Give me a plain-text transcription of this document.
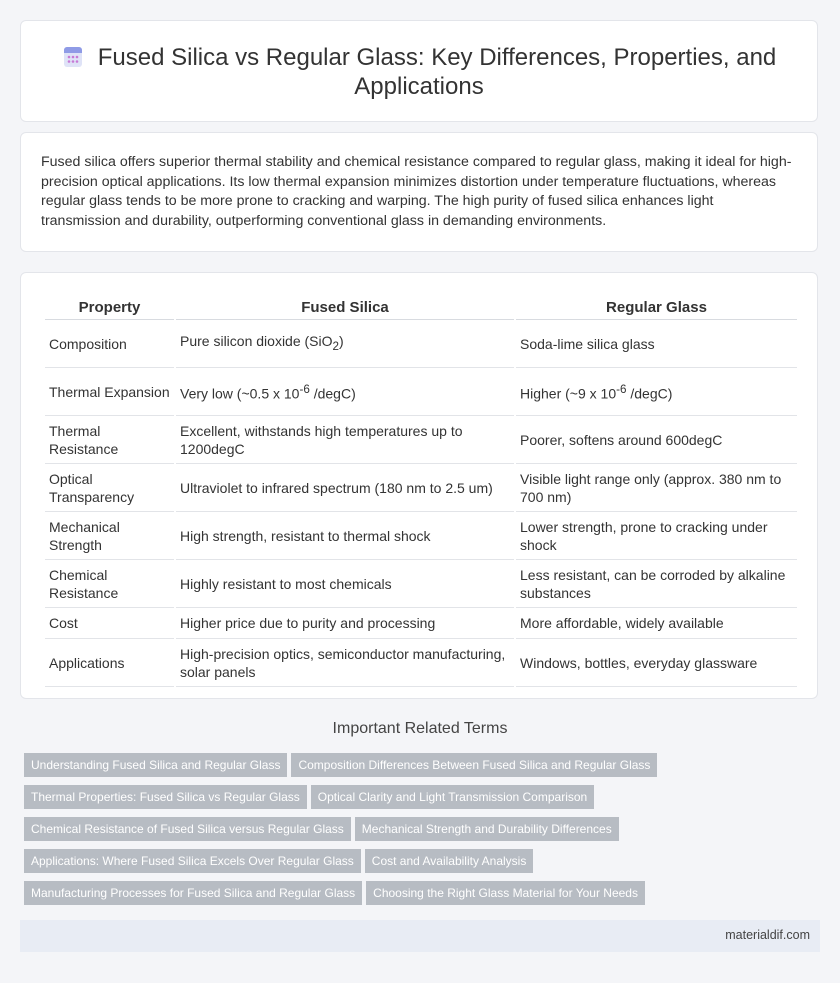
Fused Silica vs Regular Glass: Key Differences, Properties, and Applications

Fused silica offers superior thermal stability and chemical resistance compared to regular glass, making it ideal for high-precision optical applications. Its low thermal expansion minimizes distortion under temperature fluctuations, whereas regular glass tends to be more prone to cracking and warping. The high purity of fused silica enhances light transmission and durability, outperforming conventional glass in demanding environments.

Property	Fused Silica	Regular Glass
Composition	Pure silicon dioxide (SiO$_2$)	Soda-lime silica glass
Thermal Expansion	Very low (~0.5 x $10^{-6}$ /degC)	Higher (~9 x $10^{-6}$ /degC)
Thermal Resistance	Excellent, withstands high temperatures up to 1200degC	Poorer, softens around 600degC
Optical Transparency	Ultraviolet to infrared spectrum (180 nm to 2.5 um)	Visible light range only (approx. 380 nm to 700 nm)
Mechanical Strength	High strength, resistant to thermal shock	Lower strength, prone to cracking under shock
Chemical Resistance	Highly resistant to most chemicals	Less resistant, can be corroded by alkaline substances
Cost	Higher price due to purity and processing	More affordable, widely available
Applications	High-precision optics, semiconductor manufacturing, solar panels	Windows, bottles, everyday glassware
Important Related Terms
Understanding Fused Silica and Regular Glass Composition Differences Between Fused Silica and Regular Glass
Thermal Properties: Fused Silica vs Regular Glass Optical Clarity and Light Transmission Comparison
Chemical Resistance of Fused Silica versus Regular Glass Mechanical Strength and Durability Differences
Applications: Where Fused Silica Excels Over Regular Glass Cost and Availability Analysis
Manufacturing Processes for Fused Silica and Regular Glass Choosing the Right Glass Material for Your Needs
materialdif.com
